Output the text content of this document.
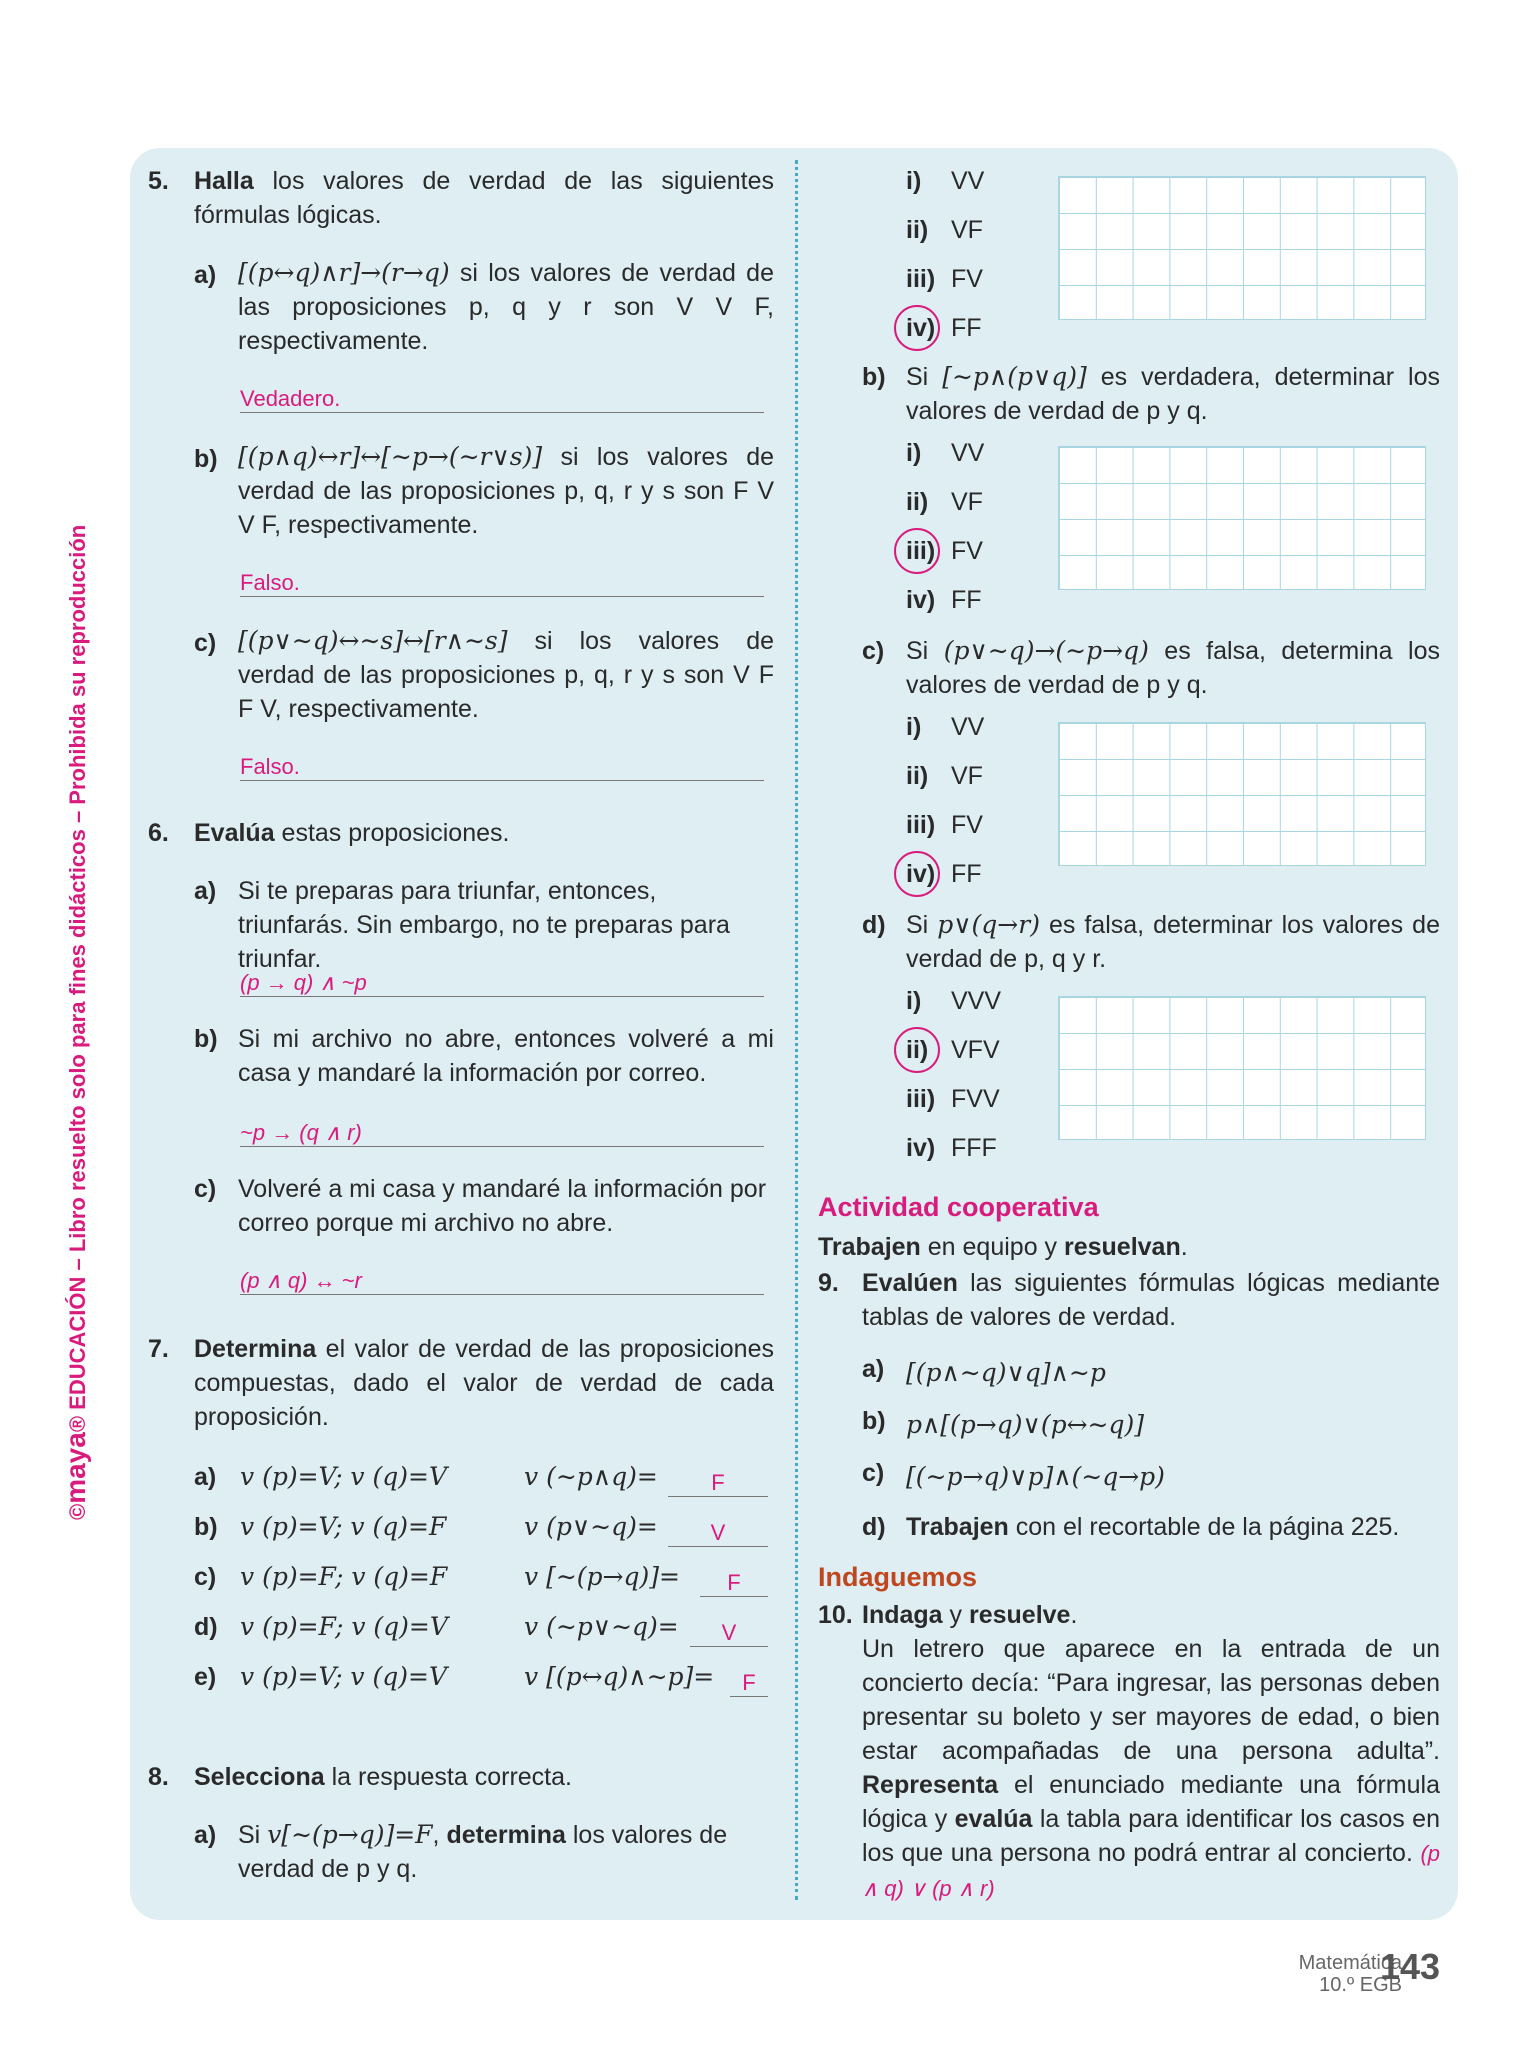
©maya® EDUCACIÓN – Libro resuelto solo para fines didácticos – Prohibida su reproducción
5. Halla los valores de verdad de las siguientes fórmulas lógicas.
a) [(p↔q)∧r]→(r→q) si los valores de verdad de las proposiciones p, q y r son V V F, respectivamente.
Vedadero.
b) [(p∧q)↔r]↔[∼p→(∼r∨s)] si los valores de verdad de las proposiciones p, q, r y s son F V V F, respectivamente.
Falso.
c) [(p∨∼q)↔∼s]↔[r∧∼s] si los valores de verdad de las proposiciones p, q, r y s son V F F V, respectivamente.
Falso.
6. Evalúa estas proposiciones.
a) Si te preparas para triunfar, entonces, triunfarás. Sin embargo, no te preparas para triunfar.
(p → q) ∧ ~p
b) Si mi archivo no abre, entonces volveré a mi casa y mandaré la información por correo.
~p → (q ∧ r)
c) Volveré a mi casa y mandaré la información por correo porque mi archivo no abre.
(p ∧ q) ↔ ~r
7. Determina el valor de verdad de las proposiciones compuestas, dado el valor de verdad de cada proposición.
a) v (p)=V; v (q)=V	v (∼p∧q)=	F
b) v (p)=V; v (q)=F	v (p∨∼q)=	V
c) v (p)=F; v (q)=F	v [∼(p→q)]=	F
d) v (p)=F; v (q)=V	v (∼p∨∼q)=	V
e) v (p)=V; v (q)=V	v [(p↔q)∧∼p]=	F
8. Selecciona la respuesta correcta.
a) Si v[∼(p→q)]=F, determina los valores de verdad de p y q.
i) VV
ii) VF
iii) FV
iv) FF
b) Si [∼p∧(p∨q)] es verdadera, determinar los valores de verdad de p y q.
i) VV
ii) VF
iii) FV
iv) FF
c) Si (p∨∼q)→(∼p→q) es falsa, determina los valores de verdad de p y q.
i) VV
ii) VF
iii) FV
iv) FF
d) Si p∨(q→r) es falsa, determinar los valores de verdad de p, q y r.
i) VVV
ii) VFV
iii) FVV
iv) FFF
Actividad cooperativa
Trabajen en equipo y resuelvan.
9. Evalúen las siguientes fórmulas lógicas mediante tablas de valores de verdad.
a) [(p∧∼q)∨q]∧∼p
b) p∧[(p→q)∨(p↔∼q)]
c) [(∼p→q)∨p]∧(∼q→p)
d) Trabajen con el recortable de la página 225.
Indaguemos
10. Indaga y resuelve.
Un letrero que aparece en la entrada de un concierto decía: “Para ingresar, las personas deben presentar su boleto y ser mayores de edad, o bien estar acompañadas de una persona adulta”. Representa el enunciado mediante una fórmula lógica y evalúa la tabla para identificar los casos en los que una persona no podrá entrar al concierto. (p ∧ q) ∨ (p ∧ r)
Matemática
10.º EGB
143
